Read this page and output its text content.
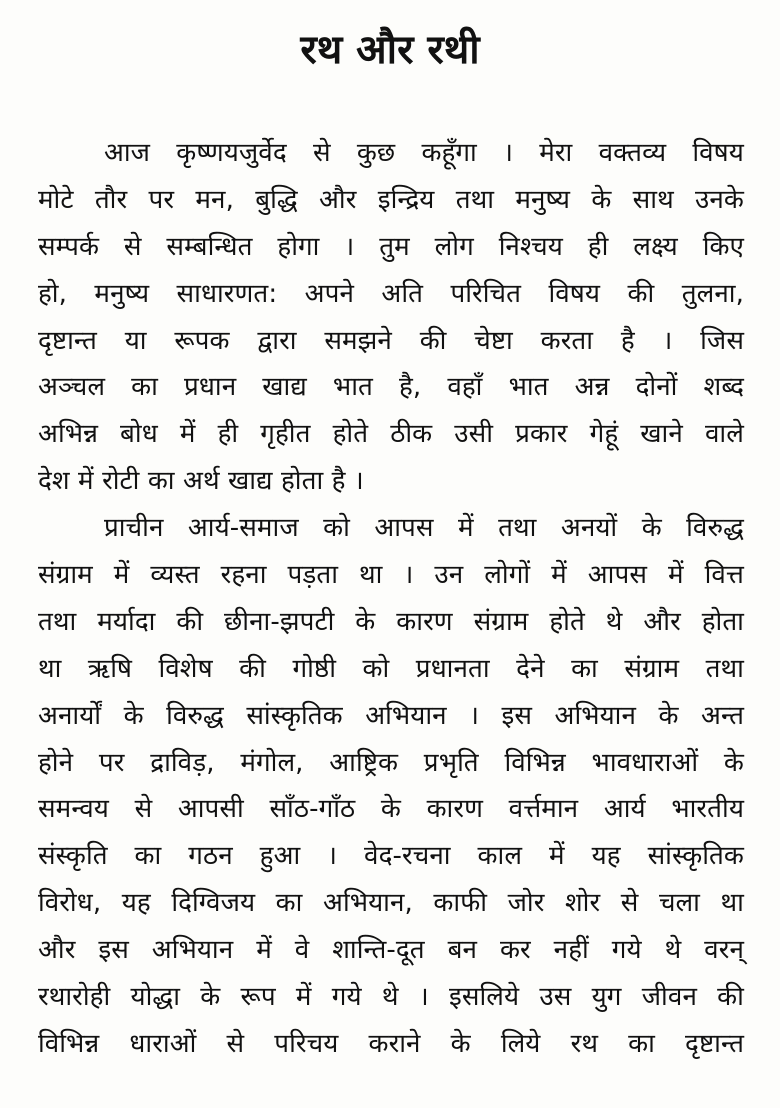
रथ और रथी

आज कृष्णयजुर्वेद से कुछ कहूँगा । मेरा वक्तव्य विषय
मोटे तौर पर मन, बुद्धि और इन्द्रिय तथा मनुष्य के साथ उनके
सम्पर्क से सम्बन्धित होगा । तुम लोग निश्चय ही लक्ष्य किए
हो, मनुष्य साधारणत: अपने अति परिचित विषय की तुलना,
दृष्टान्त या रूपक द्वारा समझने की चेष्टा करता है । जिस
अञ्चल का प्रधान खाद्य भात है, वहाँ भात अन्न दोनों शब्द
अभिन्न बोध में ही गृहीत होते ठीक उसी प्रकार गेहूं खाने वाले
देश में रोटी का अर्थ खाद्य होता है ।

प्राचीन आर्य-समाज को आपस में तथा अनयों के विरुद्ध
संग्राम में व्यस्त रहना पड़ता था । उन लोगों में आपस में वित्त
तथा मर्यादा की छीना-झपटी के कारण संग्राम होते थे और होता
था ऋषि विशेष की गोष्ठी को प्रधानता देने का संग्राम तथा
अनार्यों के विरुद्ध सांस्कृतिक अभियान । इस अभियान के अन्त
होने पर द्राविड़, मंगोल, आष्ट्रिक प्रभृति विभिन्न भावधाराओं के
समन्वय से आपसी साँठ-गाँठ के कारण वर्त्तमान आर्य भारतीय
संस्कृति का गठन हुआ । वेद-रचना काल में यह सांस्कृतिक
विरोध, यह दिग्विजय का अभियान, काफी जोर शोर से चला था
और इस अभियान में वे शान्ति-दूत बन कर नहीं गये थे वरन्
रथारोही योद्धा के रूप में गये थे । इसलिये उस युग जीवन की
विभिन्न धाराओं से परिचय कराने के लिये रथ का दृष्टान्त
